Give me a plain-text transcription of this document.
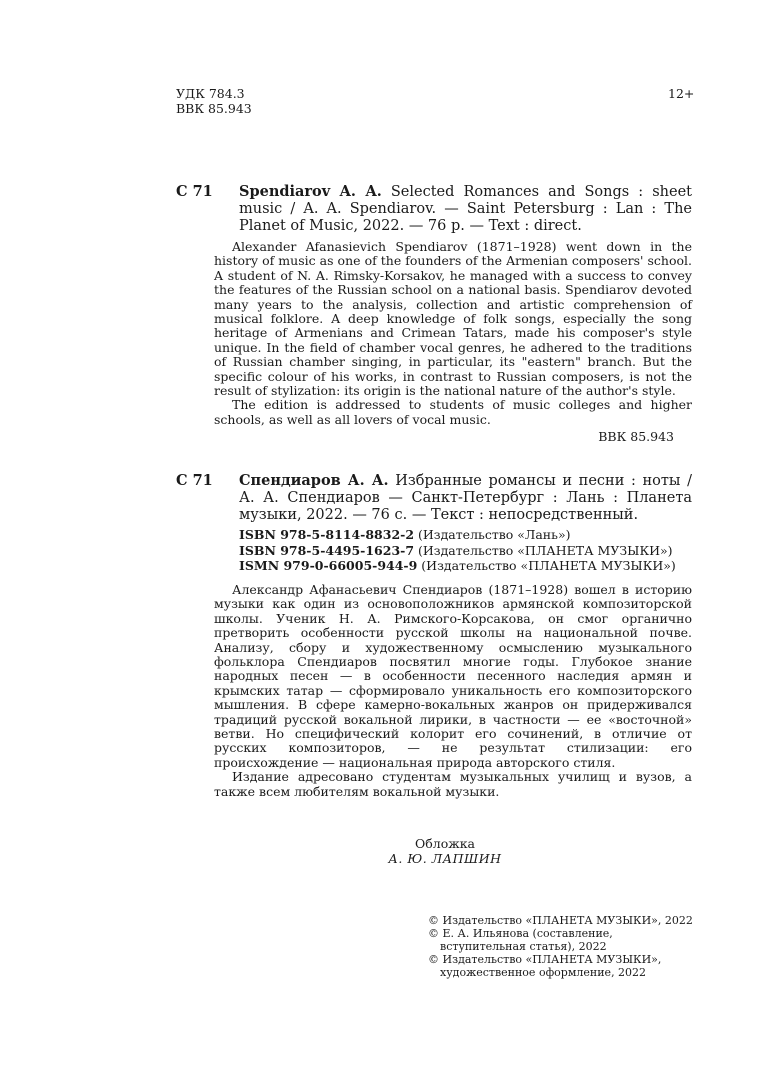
УДК 784.3
ВВК 85.943
12+
С 71 Spendiarov A. A. Selected Romances and Songs : sheet music / A. A. Spendiarov. — Saint Petersburg : Lan : The Planet of Music, 2022. — 76 p. — Text : direct.

Alexander Afanasievich Spendiarov (1871–1928) went down in the history of music as one of the founders of the Armenian composers' school. A student of N. A. Rimsky-Korsakov, he managed with a success to convey the features of the Russian school on a national basis. Spendiarov devoted many years to the analysis, collection and artistic comprehension of musical folklore. A deep knowledge of folk songs, especially the song heritage of Armenians and Crimean Tatars, made his composer's style unique. In the field of chamber vocal genres, he adhered to the traditions of Russian chamber singing, in particular, its "eastern" branch. But the specific colour of his works, in contrast to Russian composers, is not the result of stylization: its origin is the national nature of the author's style.

The edition is addressed to students of music colleges and higher schools, as well as all lovers of vocal music.

ВВК 85.943
С 71 Спендиаров А. А. Избранные романсы и песни : ноты / А. А. Спендиаров — Санкт-Петербург : Лань : Планета музыки, 2022. — 76 с. — Текст : непосредственный.
ISBN 978-5-8114-8832-2 (Издательство «Лань»)
ISBN 978-5-4495-1623-7 (Издательство «ПЛАНЕТА МУЗЫКИ»)
ISMN 979-0-66005-944-9 (Издательство «ПЛАНЕТА МУЗЫКИ»)

Александр Афанасьевич Спендиаров (1871–1928) вошел в историю музыки как один из основоположников армянской композиторской школы. Ученик Н. А. Римского-Корсакова, он смог органично претворить особенности русской школы на национальной почве. Анализу, сбору и художественному осмыслению музыкального фольклора Спендиаров посвятил многие годы. Глубокое знание народных песен — в особенности песенного наследия армян и крымских татар — сформировало уникальность его композиторского мышления. В сфере камерно-вокальных жанров он придерживался традиций русской вокальной лирики, в частности — ее «восточной» ветви. Но специфический колорит его сочинений, в отличие от русских композиторов, — не результат стилизации: его происхождение — национальная природа авторского стиля.

Издание адресовано студентам музыкальных училищ и вузов, а также всем любителям вокальной музыки.

Обложка
А. Ю. ЛАПШИН
© Издательство «ПЛАНЕТА МУЗЫКИ», 2022
© Е. А. Ильянова (составление, вступительная статья), 2022
© Издательство «ПЛАНЕТА МУЗЫКИ», художественное оформление, 2022
